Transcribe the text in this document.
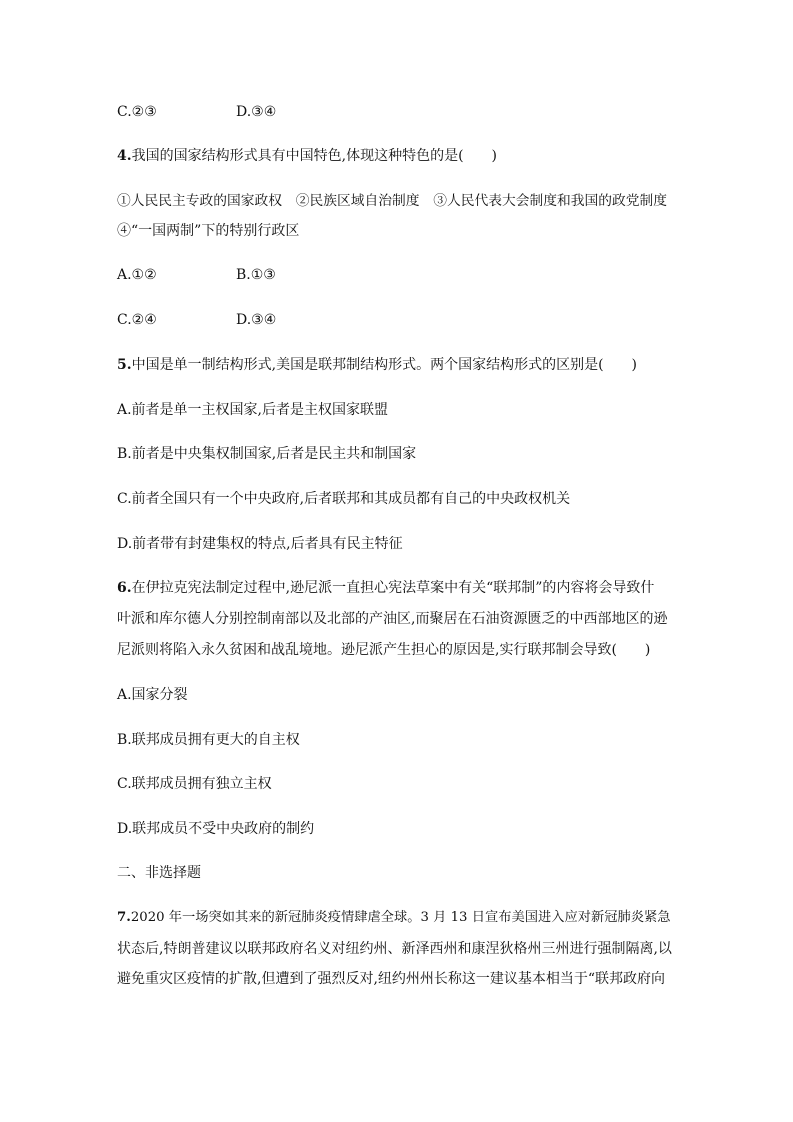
C.②③	D.③④
4.我国的国家结构形式具有中国特色,体现这种特色的是(　　)
①人民民主专政的国家政权　②民族区域自治制度　③人民代表大会制度和我国的政党制度
④“一国两制”下的特别行政区
A.①②	B.①③
C.②④	D.③④
5.中国是单一制结构形式,美国是联邦制结构形式。两个国家结构形式的区别是(　　)
A.前者是单一主权国家,后者是主权国家联盟
B.前者是中央集权制国家,后者是民主共和制国家
C.前者全国只有一个中央政府,后者联邦和其成员都有自己的中央政权机关
D.前者带有封建集权的特点,后者具有民主特征
6.在伊拉克宪法制定过程中,逊尼派一直担心宪法草案中有关“联邦制”的内容将会导致什
叶派和库尔德人分别控制南部以及北部的产油区,而聚居在石油资源匮乏的中西部地区的逊
尼派则将陷入永久贫困和战乱境地。逊尼派产生担心的原因是,实行联邦制会导致(　　)
A.国家分裂
B.联邦成员拥有更大的自主权
C.联邦成员拥有独立主权
D.联邦成员不受中央政府的制约
二、非选择题
7.2020 年一场突如其来的新冠肺炎疫情肆虐全球。3 月 13 日宣布美国进入应对新冠肺炎紧急
状态后,特朗普建议以联邦政府名义对纽约州、新泽西州和康涅狄格州三州进行强制隔离,以
避免重灾区疫情的扩散,但遭到了强烈反对,纽约州州长称这一建议基本相当于“联邦政府向
